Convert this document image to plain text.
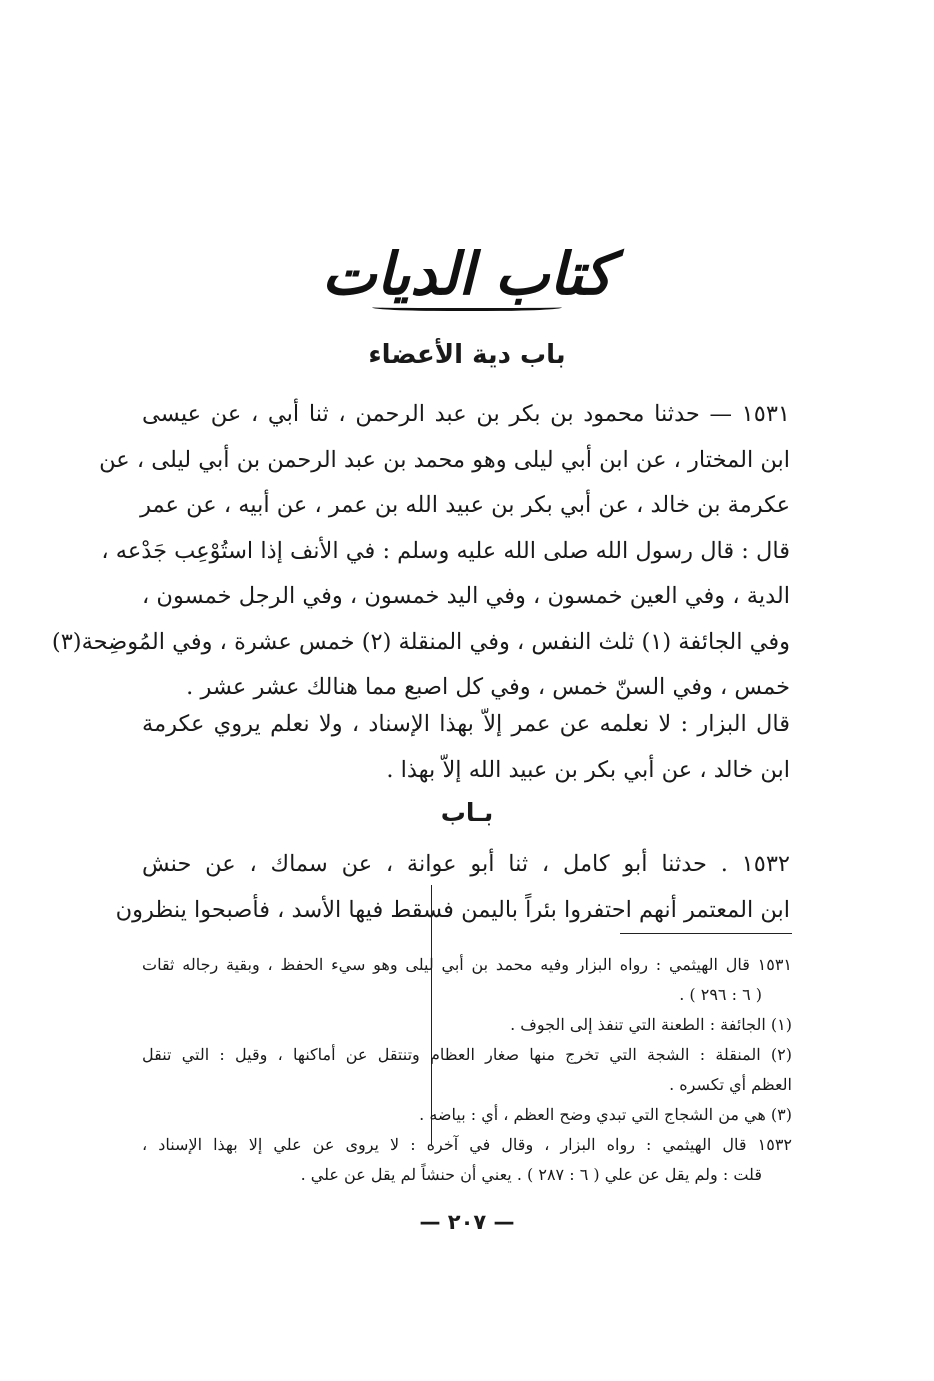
كتاب الديات
باب دية الأعضاء
١٥٣١ — حدثنا محمود بن بكر بن عبد الرحمن ، ثنا أبي ، عن عيسى
ابن المختار ، عن ابن أبي ليلى وهو محمد بن عبد الرحمن بن أبي ليلى ، عن
عكرمة بن خالد ، عن أبي بكر بن عبيد الله بن عمر ، عن أبيه ، عن عمر
قال : قال رسول الله صلى الله عليه وسلم : في الأنف إذا استُوْعِب جَدْعه ،
الدية ، وفي العين خمسون ، وفي اليد خمسون ، وفي الرجل خمسون ،
وفي الجائفة (١) ثلث النفس ، وفي المنقلة (٢) خمس عشرة ، وفي المُوضِحة(٣)
خمس ، وفي السنّ خمس ، وفي كل اصبع مما هنالك عشر عشر .
قال البزار : لا نعلمه عن عمر إلاّ بهذا الإسناد ، ولا نعلم يروي عكرمة
ابن خالد ، عن أبي بكر بن عبيد الله إلاّ بهذا .
بـاب
١٥٣٢ . حدثنا أبو كامل ، ثنا أبو عوانة ، عن سماك ، عن حنش
ابن المعتمر أنهم احتفروا بئراً باليمن فسقط فيها الأسد ، فأصبحوا ينظرون
١٥٣١ قال الهيثمي : رواه البزار وفيه محمد بن أبي ليلى وهو سيء الحفظ ، وبقية رجاله ثقات
( ٦ : ٢٩٦ ) .
(١) الجائفة : الطعنة التي تنفذ إلى الجوف .
(٢) المنقلة : الشجة التي تخرج منها صغار العظام وتنتقل عن أماكنها ، وقيل : التي تنقل
العظم أي تكسره .
(٣) هي من الشجاج التي تبدي وضح العظم ، أي : بياضه .
١٥٣٢ قال الهيثمي : رواه البزار ، وقال في آخره : لا يروى عن علي إلا بهذا الإسناد ،
قلت : ولم يقل عن علي ( ٦ : ٢٨٧ ) . يعني أن حنشاً لم يقل عن علي .
— ٢٠٧ —
